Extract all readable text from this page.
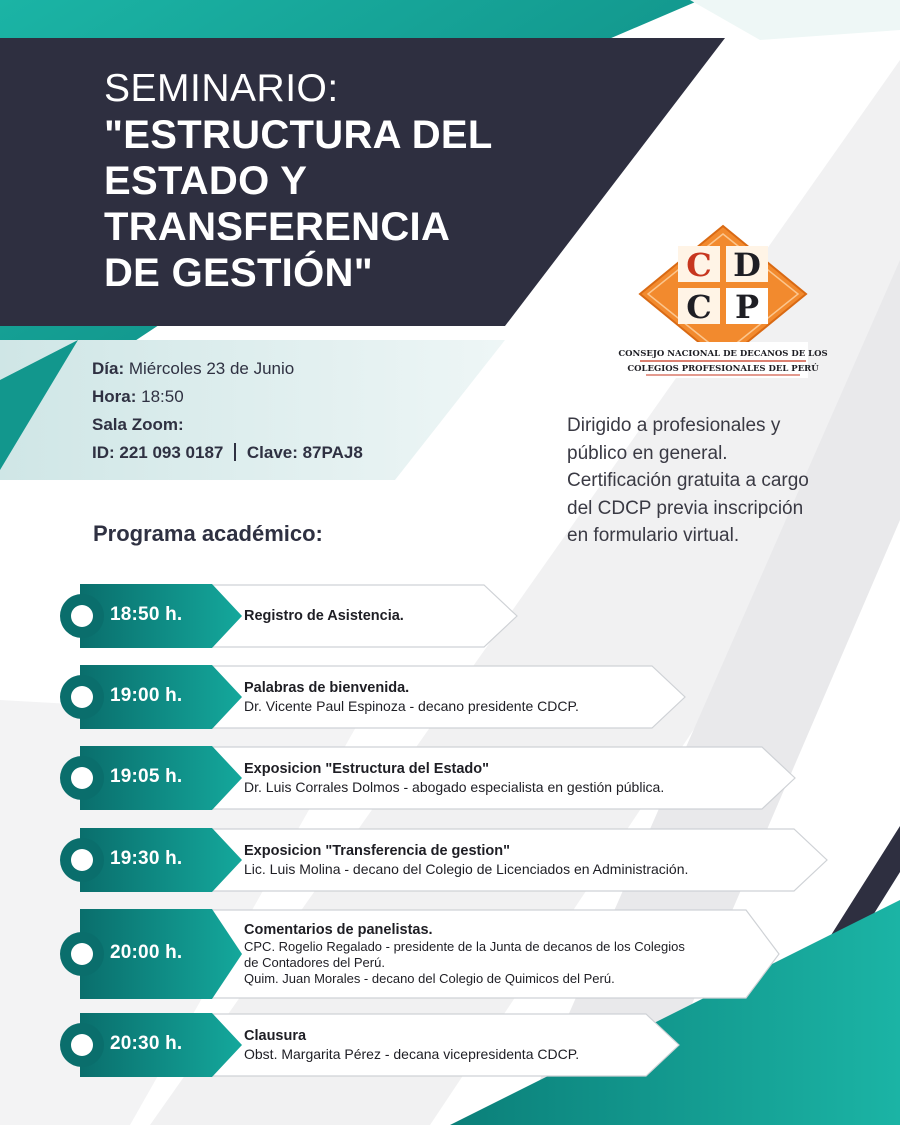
SEMINARIO:
"ESTRUCTURA DEL
ESTADO Y
TRANSFERENCIA
DE GESTIÓN"	C D
C P
CONSEJO NACIONAL DE DECANOS DE LOS
COLEGIOS PROFESIONALES DEL PERÚ
Día: Miércoles 23 de Junio
Hora: 18:50
Sala Zoom:
ID: 221 093 0187 Clave: 87PAJ8
Dirigido a profesionales y
público en general.
Certificación gratuita a cargo
del CDCP previa inscripción
en formulario virtual.
Programa académico:
18:50 h.	Registro de Asistencia.
19:00 h.	Palabras de bienvenida.
Dr. Vicente Paul Espinoza - decano presidente CDCP.
19:05 h.	Exposicion "Estructura del Estado"
Dr. Luis Corrales Dolmos - abogado especialista en gestión pública.
19:30 h.	Exposicion "Transferencia de gestion"
Lic. Luis Molina - decano del Colegio de Licenciados en Administración.
20:00 h.
Comentarios de panelistas.
CPC. Rogelio Regalado - presidente de la Junta de decanos de los Colegios
de Contadores del Perú.
Quim. Juan Morales - decano del Colegio de Quimicos del Perú.
20:30 h.	Clausura
Obst. Margarita Pérez - decana vicepresidenta CDCP.
